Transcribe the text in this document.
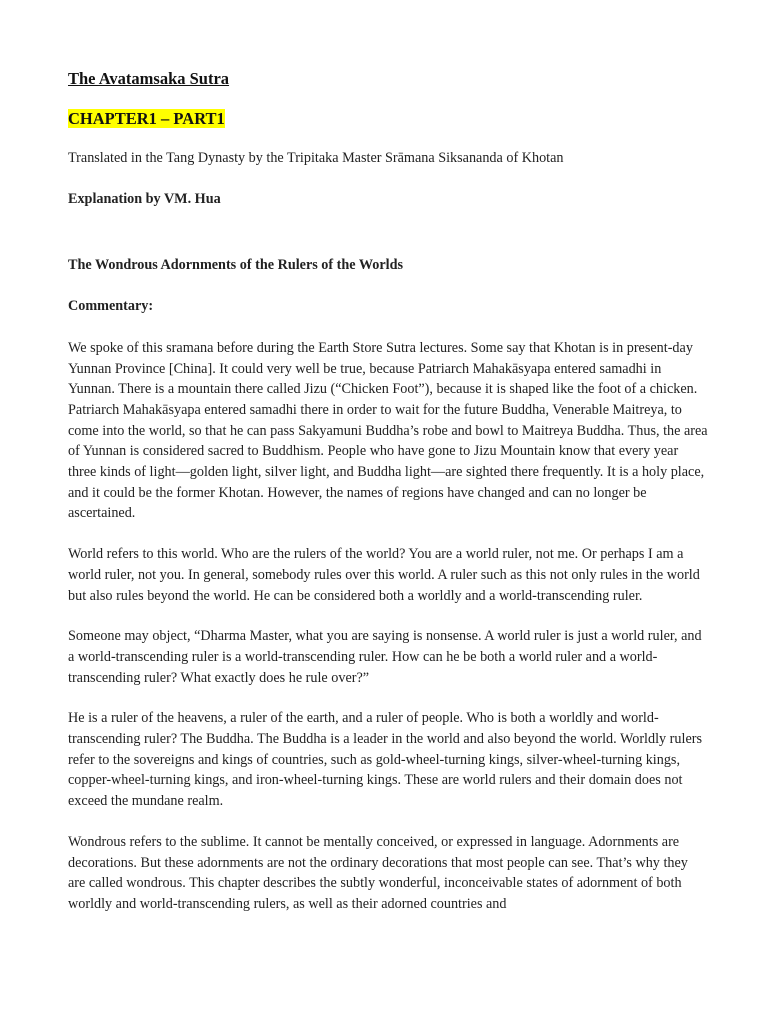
The Avatamsaka Sutra
CHAPTER1 – PART1
Translated in the Tang Dynasty by the Tripitaka Master Srāmana Siksananda of Khotan
Explanation by VM. Hua
The Wondrous Adornments of the Rulers of the Worlds
Commentary:

We spoke of this sramana before during the Earth Store Sutra lectures. Some say that Khotan is in present-day Yunnan Province [China]. It could very well be true, because Patriarch Mahakāsyapa entered samadhi in Yunnan. There is a mountain there called Jizu (“Chicken Foot”), because it is shaped like the foot of a chicken. Patriarch Mahakāsyapa entered samadhi there in order to wait for the future Buddha, Venerable Maitreya, to come into the world, so that he can pass Sakyamuni Buddha’s robe and bowl to Maitreya Buddha. Thus, the area of Yunnan is considered sacred to Buddhism. People who have gone to Jizu Mountain know that every year three kinds of light—golden light, silver light, and Buddha light—are sighted there frequently. It is a holy place, and it could be the former Khotan. However, the names of regions have changed and can no longer be ascertained.

World refers to this world. Who are the rulers of the world? You are a world ruler, not me. Or perhaps I am a world ruler, not you. In general, somebody rules over this world. A ruler such as this not only rules in the world but also rules beyond the world. He can be considered both a worldly and a world-transcending ruler.

Someone may object, “Dharma Master, what you are saying is nonsense. A world ruler is just a world ruler, and a world-transcending ruler is a world-transcending ruler. How can he be both a world ruler and a world-transcending ruler? What exactly does he rule over?”

He is a ruler of the heavens, a ruler of the earth, and a ruler of people. Who is both a worldly and world-transcending ruler? The Buddha. The Buddha is a leader in the world and also beyond the world. Worldly rulers refer to the sovereigns and kings of countries, such as gold-wheel-turning kings, silver-wheel-turning kings, copper-wheel-turning kings, and iron-wheel-turning kings. These are world rulers and their domain does not exceed the mundane realm.

Wondrous refers to the sublime. It cannot be mentally conceived, or expressed in language. Adornments are decorations. But these adornments are not the ordinary decorations that most people can see. That’s why they are called wondrous. This chapter describes the subtly wonderful, inconceivable states of adornment of both worldly and world-transcending rulers, as well as their adorned countries and
